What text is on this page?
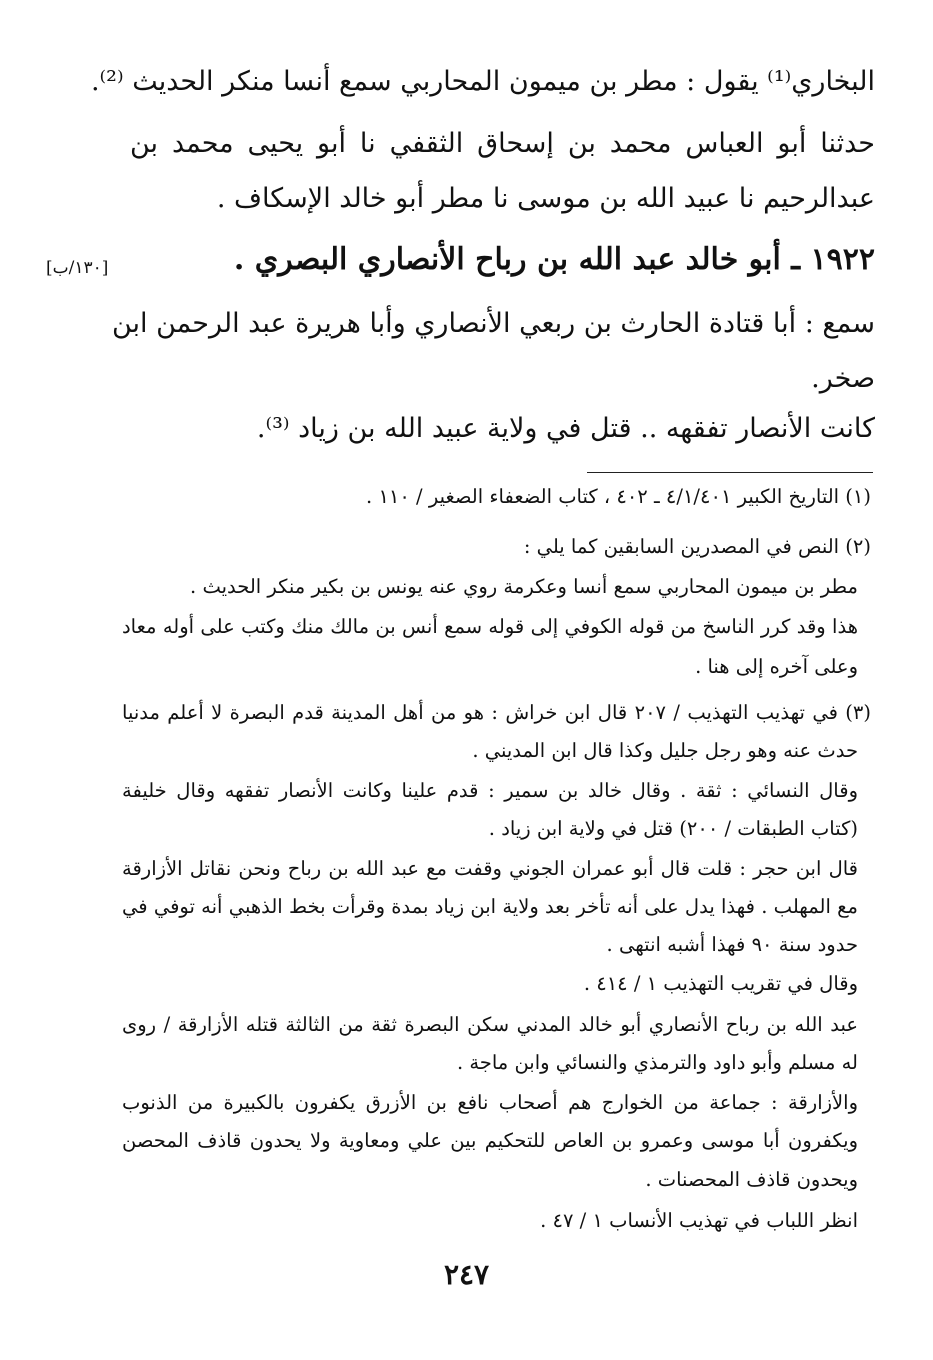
البخاري⁽¹⁾ يقول : مطر بن ميمون المحاربي سمع أنسا منكر الحديث ⁽²⁾.
حدثنا أبو العباس محمد بن إسحاق الثقفي نا أبو يحيى محمد بن
عبدالرحيم نا عبيد الله بن موسى نا مطر أبو خالد الإسكاف .
١٩٢٢ ـ أبو خالد عبد الله بن رباح الأنصاري البصري .
[١٣٠/ب]
سمع : أبا قتادة الحارث بن ربعي الأنصاري وأبا هريرة عبد الرحمن ابن
صخر.
كانت الأنصار تفقهه .. قتل في ولاية عبيد الله بن زياد ⁽³⁾.
(١) التاريخ الكبير ٤/١/٤٠١ ـ ٤٠٢ ، كتاب الضعفاء الصغير / ١١٠ .
(٢) النص في المصدرين السابقين كما يلي :
مطر بن ميمون المحاربي سمع أنسا وعكرمة روي عنه يونس بن بكير منكر الحديث .
هذا وقد كرر الناسخ من قوله الكوفي إلى قوله سمع أنس بن مالك منك وكتب على أوله معاد
وعلى آخره إلى هنا .
(٣) في تهذيب التهذيب / ٢٠٧ قال ابن خراش : هو من أهل المدينة قدم البصرة لا أعلم مدنيا
حدث عنه وهو رجل جليل وكذا قال ابن المديني .
وقال النسائي : ثقة . وقال خالد بن سمير : قدم علينا وكانت الأنصار تفقهه وقال خليفة
(كتاب الطبقات / ٢٠٠) قتل في ولاية ابن زياد .
قال ابن حجر : قلت قال أبو عمران الجوني وقفت مع عبد الله بن رباح ونحن نقاتل الأزارقة
مع المهلب . فهذا يدل على أنه تأخر بعد ولاية ابن زياد بمدة وقرأت بخط الذهبي أنه توفي في
حدود سنة ٩٠ فهذا أشبه انتهى .
وقال في تقريب التهذيب ١ / ٤١٤ .
عبد الله بن رباح الأنصاري أبو خالد المدني سكن البصرة ثقة من الثالثة قتله الأزارقة / روى
له مسلم وأبو داود والترمذي والنسائي وابن ماجة .
والأزارقة : جماعة من الخوارج هم أصحاب نافع بن الأزرق يكفرون بالكبيرة من الذنوب
ويكفرون أبا موسى وعمرو بن العاص للتحكيم بين علي ومعاوية ولا يحدون قاذف المحصن
ويحدون قاذف المحصنات .
انظر اللباب في تهذيب الأنساب ١ / ٤٧ .
٢٤٧
